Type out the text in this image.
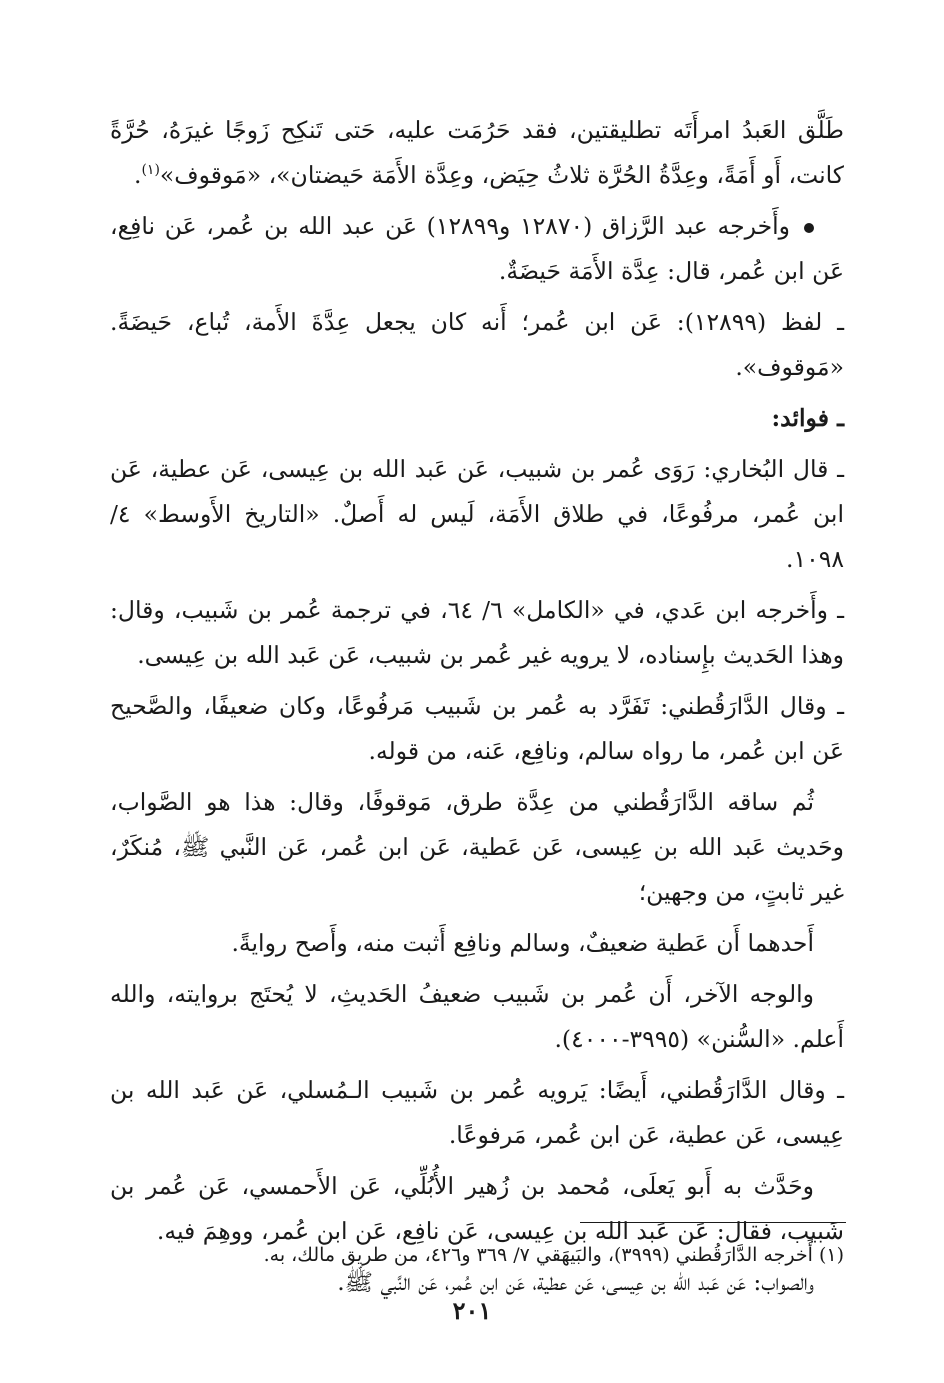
طَلَّق العَبدُ امرأَتَه تطليقتين، فقد حَرُمَت عليه، حَتى تَنكِح زَوجًا غيرَهُ، حُرَّةً كانت، أَو أَمَةً، وعِدَّةُ الحُرَّة ثلاثُ حِيَض، وعِدَّة الأَمَة حَيضتان»، «مَوقوف»$^{(١)}$.

وأَخرجه عبد الرَّزاق (١٢٨٧٠ و١٢٨٩٩) عَن عبد الله بن عُمر، عَن نافِع، عَن ابن عُمر، قال: عِدَّة الأَمَة حَيضَةٌ.

ـ لفظ (١٢٨٩٩): عَن ابن عُمر؛ أَنه كان يجعل عِدَّةَ الأَمة، تُباع، حَيضَةً. «مَوقوف».

ـ فوائد:

ـ قال البُخاري: رَوَى عُمر بن شبيب، عَن عَبد الله بن عِيسى، عَن عطية، عَن ابن عُمر، مرفُوعًا، في طلاق الأَمَة، لَيس له أَصلٌ. «التاريخ الأَوسط» ٤/ ١٠٩٨.

ـ وأَخرجه ابن عَدي، في «الكامل» ٦/ ٦٤، في ترجمة عُمر بن شَبيب، وقال: وهذا الحَديث بإِسناده، لا يرويه غير عُمر بن شبيب، عَن عَبد الله بن عِيسى.

ـ وقال الدَّارَقُطني: تَفَرَّد به عُمر بن شَبيب مَرفُوعًا، وكان ضعيفًا، والصَّحيح عَن ابن عُمر، ما رواه سالم، ونافِع، عَنه، من قوله.

ثُم ساقه الدَّارَقُطني من عِدَّة طرق، مَوقوفًا، وقال: هذا هو الصَّواب، وحَديث عَبد الله بن عِيسى، عَن عَطية، عَن ابن عُمر، عَن النَّبي ﷺ، مُنكَرٌ، غير ثابتٍ، من وجهين؛

أَحدهما أَن عَطية ضعيفٌ، وسالم ونافِع أَثبت منه، وأَصح روايةً.

والوجه الآخر، أَن عُمر بن شَبيب ضعيفُ الحَديثِ، لا يُحتَج بروايته، والله أَعلم. «السُّنن» (٣٩٩٥-٤٠٠٠).

ـ وقال الدَّارَقُطني، أَيضًا: يَرويه عُمر بن شَبيب الـمُسلي، عَن عَبد الله بن عِيسى، عَن عطية، عَن ابن عُمر، مَرفوعًا.

وحَدَّث به أَبو يَعلَى، مُحمد بن زُهير الأُبُلِّي، عَن الأَحمسي، عَن عُمر بن شَبيب، فقال: عَن عَبد الله بن عِيسى، عَن نافِع، عَن ابن عُمر، ووهِمَ فيه.

والصواب: عَن عَبد الله بن عِيسى، عَن عطية، عَن ابن عُمر، عَن النَّبي ﷺ.

(١) أَخرجه الدَّارَقُطني (٣٩٩٩)، والبَيهَقي ٧/ ٣٦٩ و٤٢٦، من طريق مالك، به.
٢٠١
